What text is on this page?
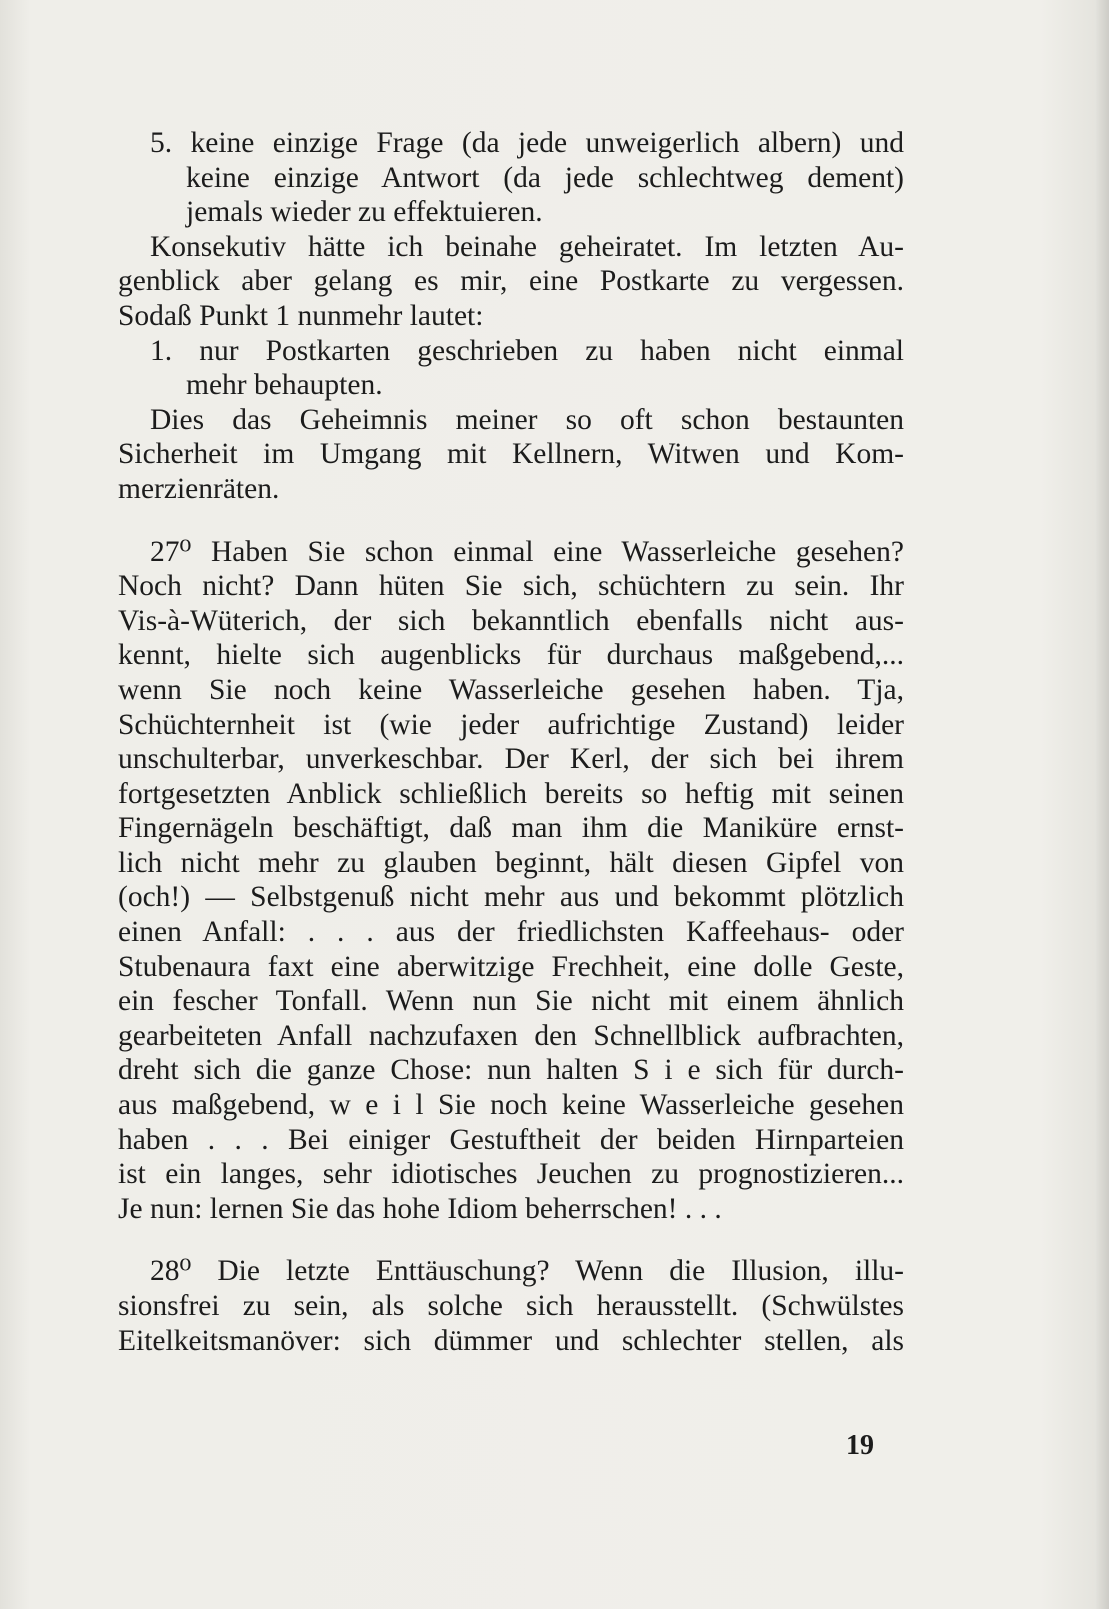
5. keine einzige Frage (da jede unweigerlich albern) und
keine einzige Antwort (da jede schlechtweg dement)
jemals wieder zu effektuieren.
Konsekutiv hätte ich beinahe geheiratet. Im letzten Au-
genblick aber gelang es mir, eine Postkarte zu vergessen.
Sodaß Punkt 1 nunmehr lautet:
1. nur Postkarten geschrieben zu haben nicht einmal
mehr behaupten.
Dies das Geheimnis meiner so oft schon bestaunten
Sicherheit im Umgang mit Kellnern, Witwen und Kom-
merzienräten.
27⁰ Haben Sie schon einmal eine Wasserleiche gesehen?
Noch nicht? Dann hüten Sie sich, schüchtern zu sein. Ihr
Vis-à-Wüterich, der sich bekanntlich ebenfalls nicht aus-
kennt, hielte sich augenblicks für durchaus maßgebend,...
wenn Sie noch keine Wasserleiche gesehen haben. Tja,
Schüchternheit ist (wie jeder aufrichtige Zustand) leider
unschulterbar, unverkeschbar. Der Kerl, der sich bei ihrem
fortgesetzten Anblick schließlich bereits so heftig mit seinen
Fingernägeln beschäftigt, daß man ihm die Maniküre ernst-
lich nicht mehr zu glauben beginnt, hält diesen Gipfel von
(och!) — Selbstgenuß nicht mehr aus und bekommt plötzlich
einen Anfall: . . . aus der friedlichsten Kaffeehaus- oder
Stubenaura faxt eine aberwitzige Frechheit, eine dolle Geste,
ein fescher Tonfall. Wenn nun Sie nicht mit einem ähnlich
gearbeiteten Anfall nachzufaxen den Schnellblick aufbrachten,
dreht sich die ganze Chose: nun halten S i e sich für durch-
aus maßgebend, w e i l Sie noch keine Wasserleiche gesehen
haben . . . Bei einiger Gestuftheit der beiden Hirnparteien
ist ein langes, sehr idiotisches Jeuchen zu prognostizieren...
Je nun: lernen Sie das hohe Idiom beherrschen! . . .
28⁰ Die letzte Enttäuschung? Wenn die Illusion, illu-
sionsfrei zu sein, als solche sich herausstellt. (Schwülstes
Eitelkeitsmanöver: sich dümmer und schlechter stellen, als
19
